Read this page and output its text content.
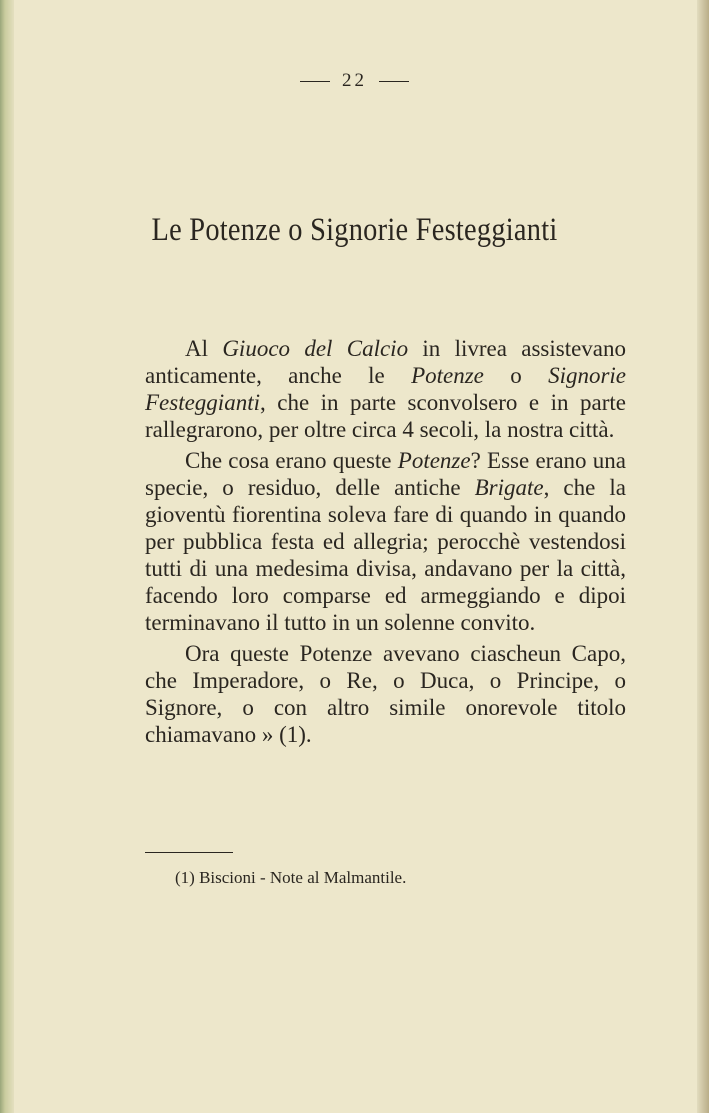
22
Le Potenze o Signorie Festeggianti

Al Giuoco del Calcio in livrea assistevano anticamente, anche le Potenze o Signorie Festeggianti, che in parte sconvolsero e in parte rallegrarono, per oltre circa 4 secoli, la nostra città.

Che cosa erano queste Potenze? Esse erano una specie, o residuo, delle antiche Brigate, che la gioventù fiorentina soleva fare di quando in quando per pubblica festa ed allegria; perocchè vestendosi tutti di una medesima divisa, andavano per la città, facendo loro comparse ed armeggiando e dipoi terminavano il tutto in un solenne convito.

Ora queste Potenze avevano ciascheun Capo, che Imperadore, o Re, o Duca, o Principe, o Signore, o con altro simile onorevole titolo chiamavano » (1).

(1) Biscioni - Note al Malmantile.
